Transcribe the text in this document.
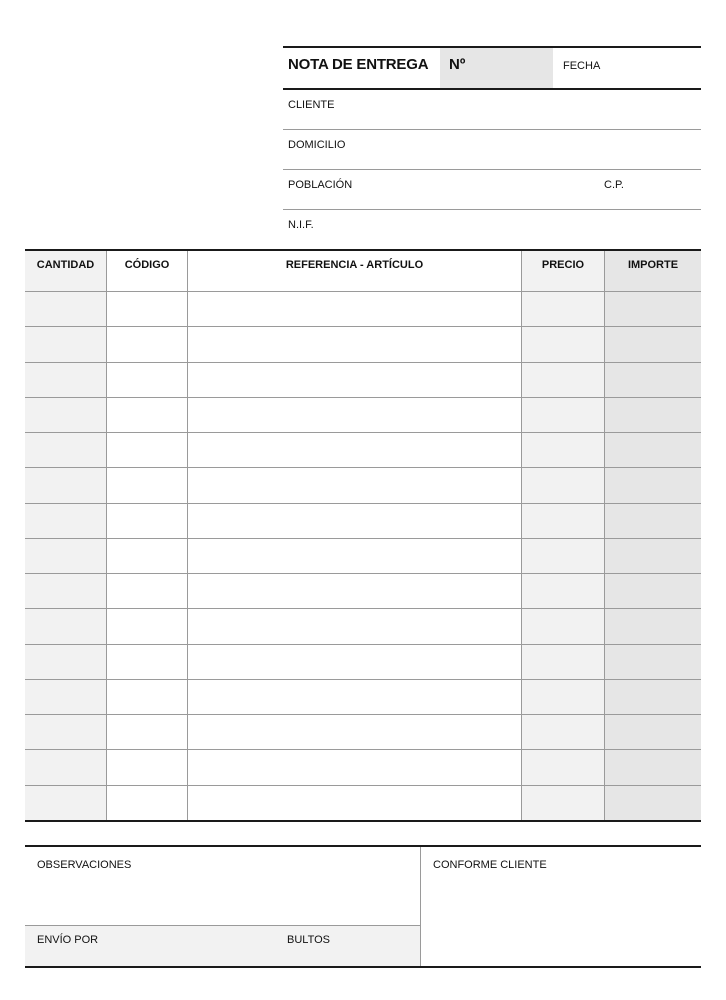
NOTA DE ENTREGA Nº	FECHA
CLIENTE
DOMICILIO
POBLACIÓN	C.P.
N.I.F.
CANTIDAD	CÓDIGO	REFERENCIA - ARTÍCULO	PRECIO	IMPORTE
OBSERVACIONES
ENVÍO POR	BULTOS
CONFORME CLIENTE
